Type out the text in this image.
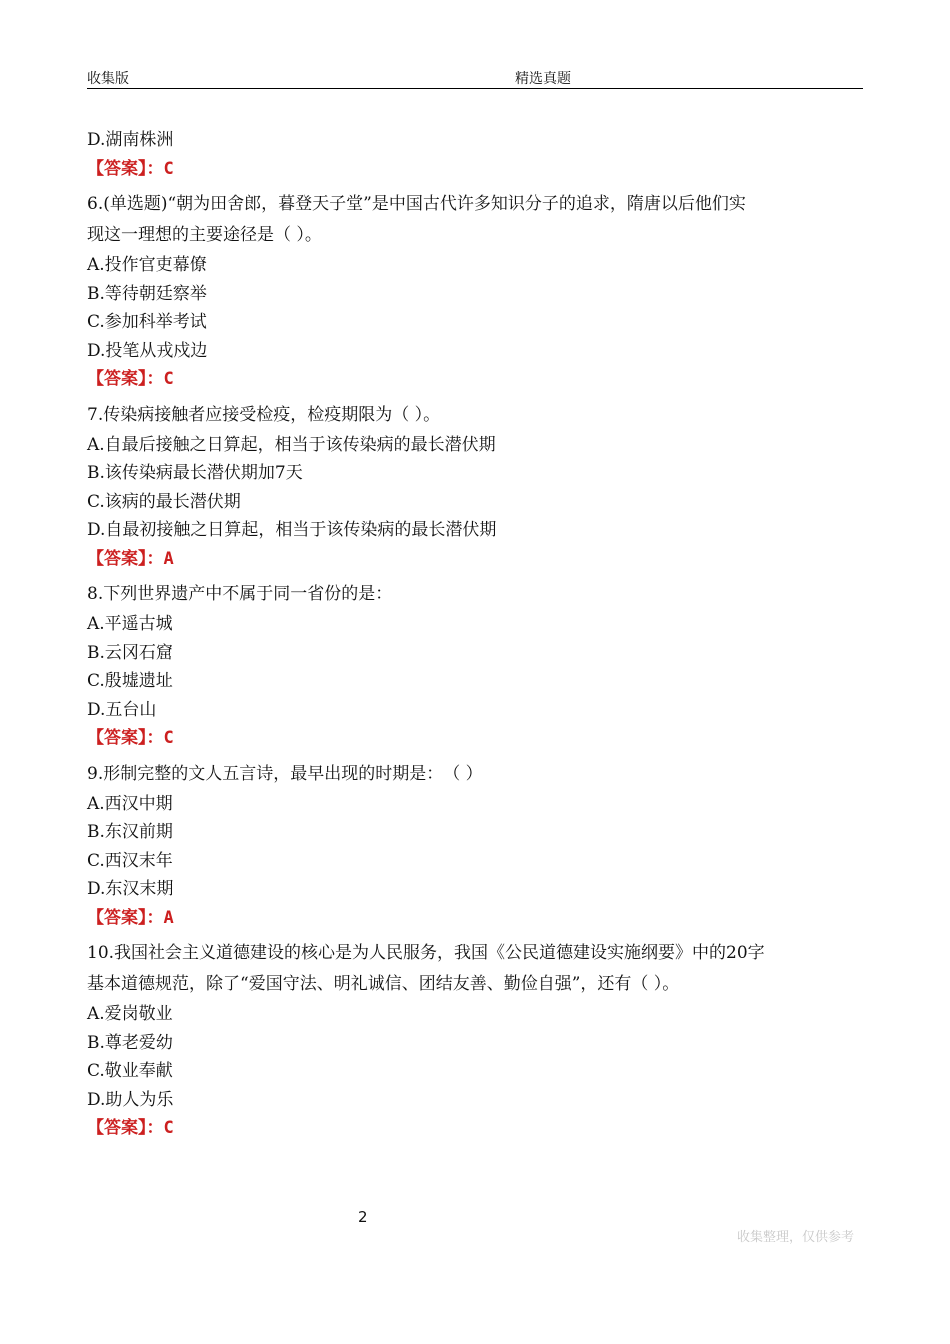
收集版	精选真题
D.湖南株洲
【答案】：C
6.(单选题)“朝为田舍郎，暮登天子堂”是中国古代许多知识分子的追求，隋唐以后他们实
现这一理想的主要途径是（ ）。
A.投作官吏幕僚
B.等待朝廷察举
C.参加科举考试
D.投笔从戎戍边
【答案】：C
7.传染病接触者应接受检疫，检疫期限为（ ）。
A.自最后接触之日算起，相当于该传染病的最长潜伏期
B.该传染病最长潜伏期加7天
C.该病的最长潜伏期
D.自最初接触之日算起，相当于该传染病的最长潜伏期
【答案】：A
8.下列世界遗产中不属于同一省份的是：
A.平遥古城
B.云冈石窟
C.殷墟遗址
D.五台山
【答案】：C
9.形制完整的文人五言诗，最早出现的时期是：　（ ）
A.西汉中期
B.东汉前期
C.西汉末年
D.东汉末期
【答案】：A
10.我国社会主义道德建设的核心是为人民服务，我国《公民道德建设实施纲要》中的20字
基本道德规范，除了“爱国守法、明礼诚信、团结友善、勤俭自强”，还有（ ）。
A.爱岗敬业
B.尊老爱幼
C.敬业奉献
D.助人为乐
【答案】：C
2
收集整理，仅供参考
